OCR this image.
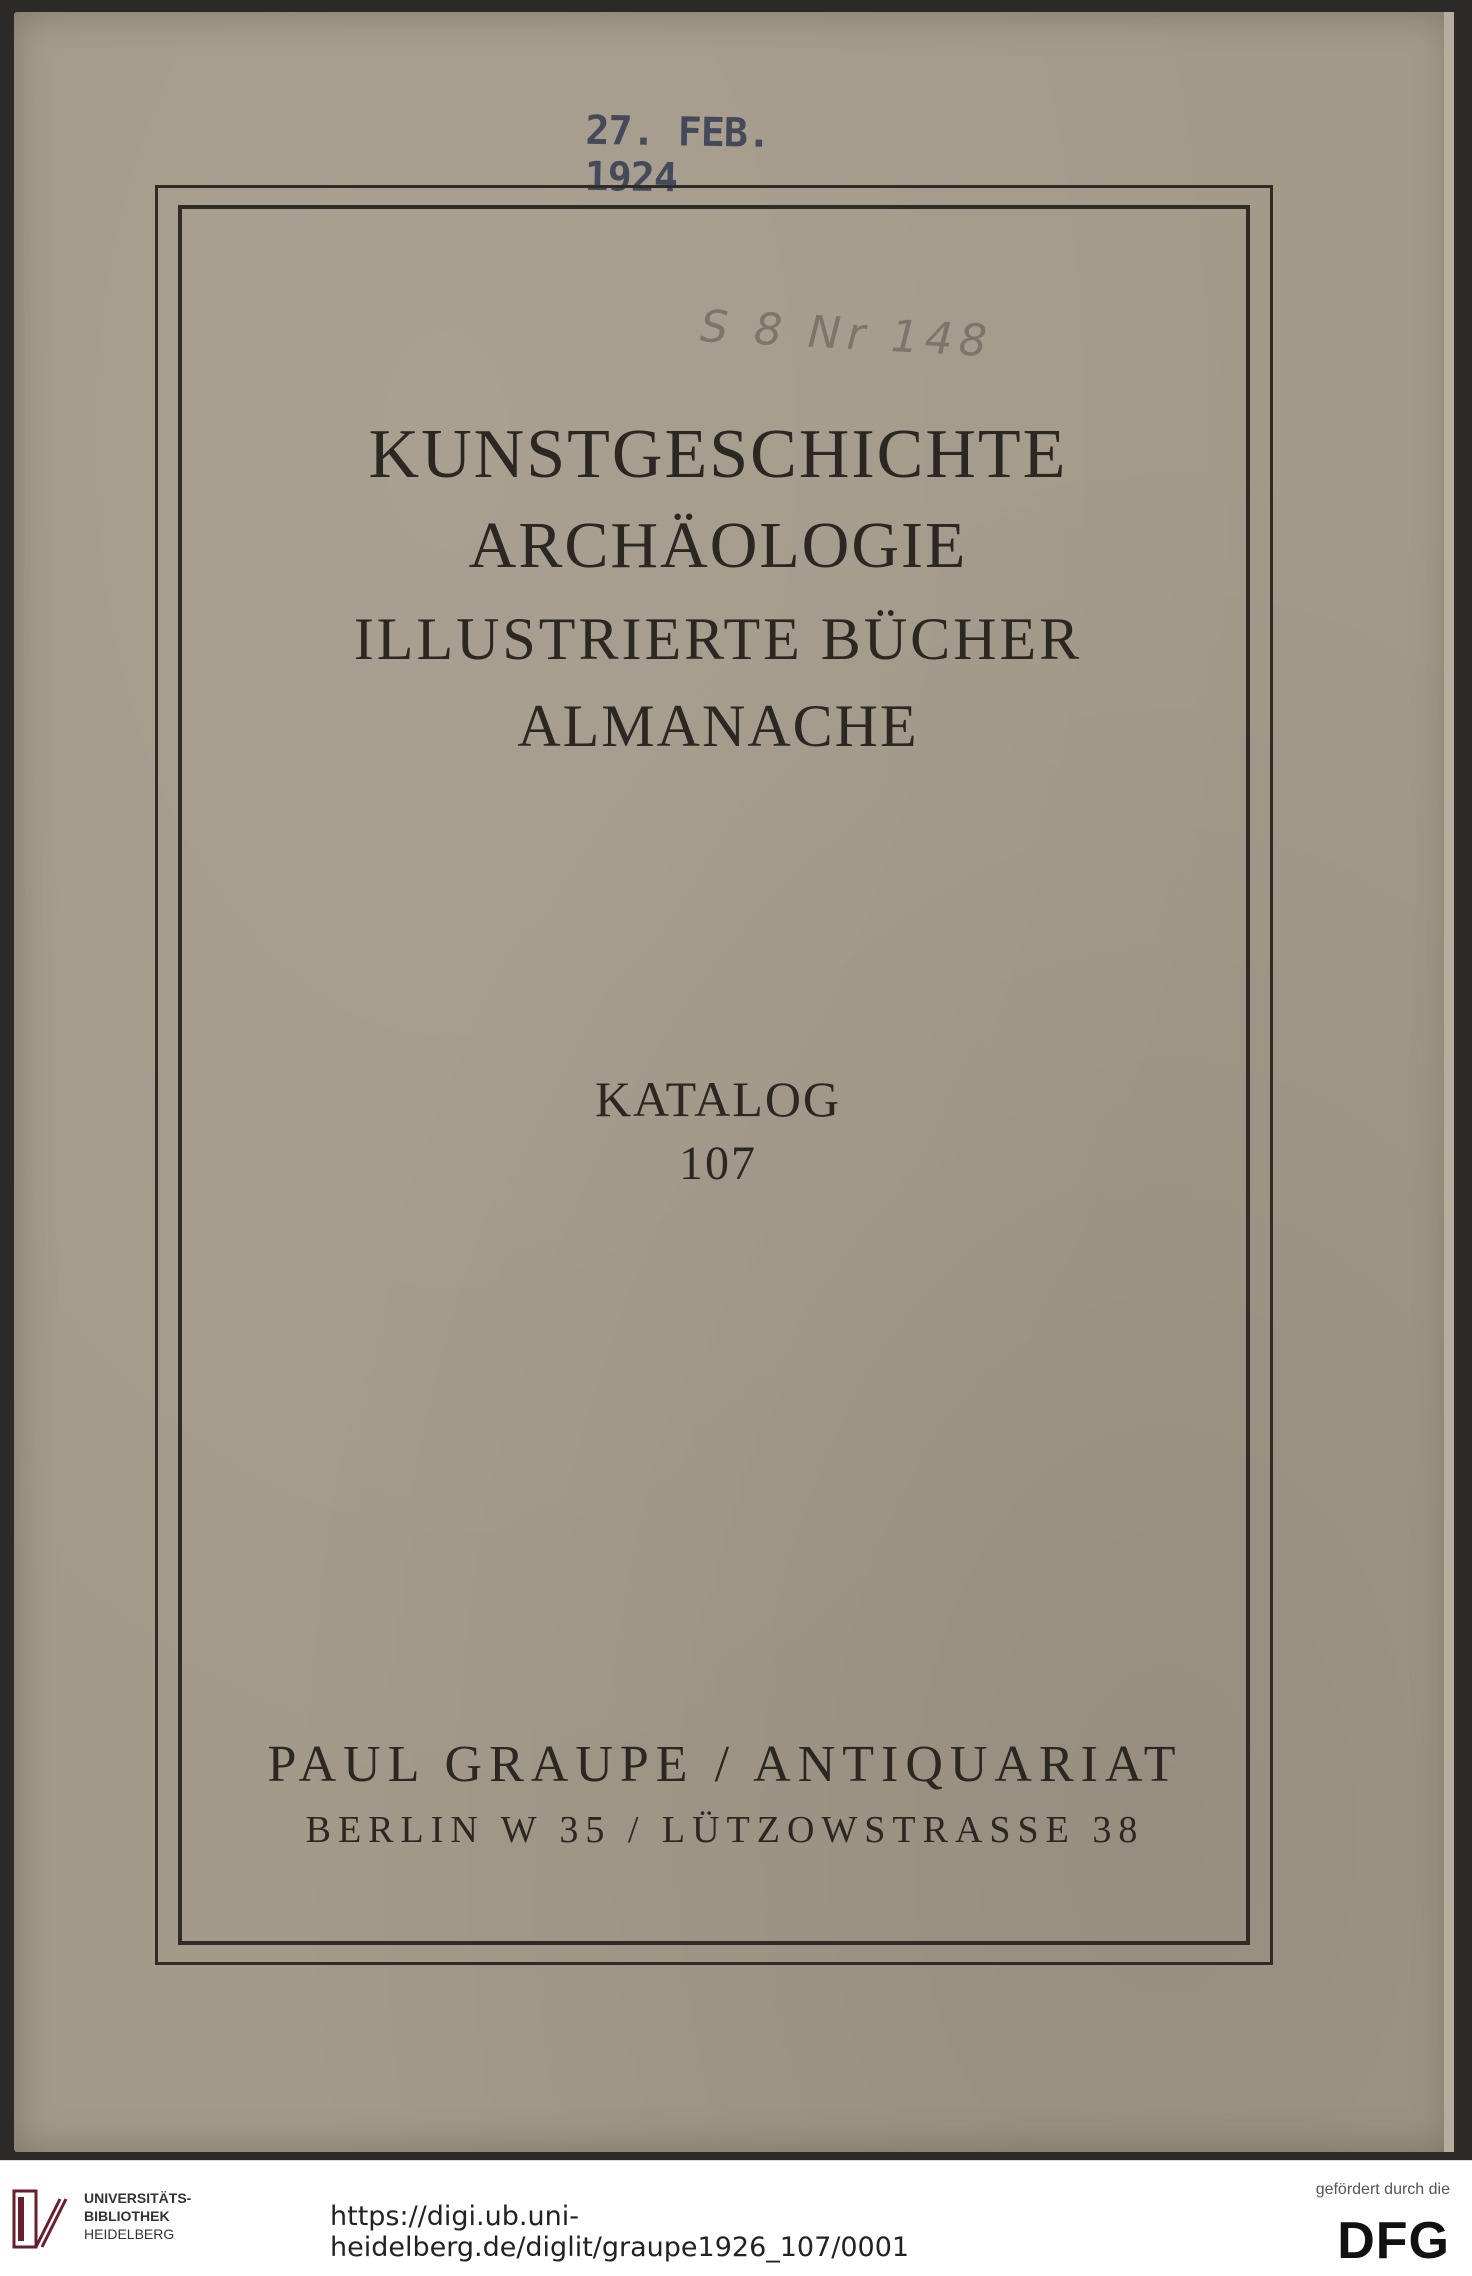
27. FEB. 1924
S 8 Nr 148
KUNSTGESCHICHTE
ARCHÄOLOGIE
ILLUSTRIERTE BÜCHER
ALMANACHE
KATALOG
107
PAUL GRAUPE / ANTIQUARIAT
BERLIN W 35 / LÜTZOWSTRASSE 38
UNIVERSITÄTS-
BIBLIOTHEK
HEIDELBERG
https://digi.ub.uni-heidelberg.de/diglit/graupe1926_107/0001
gefördert durch die
DFG
